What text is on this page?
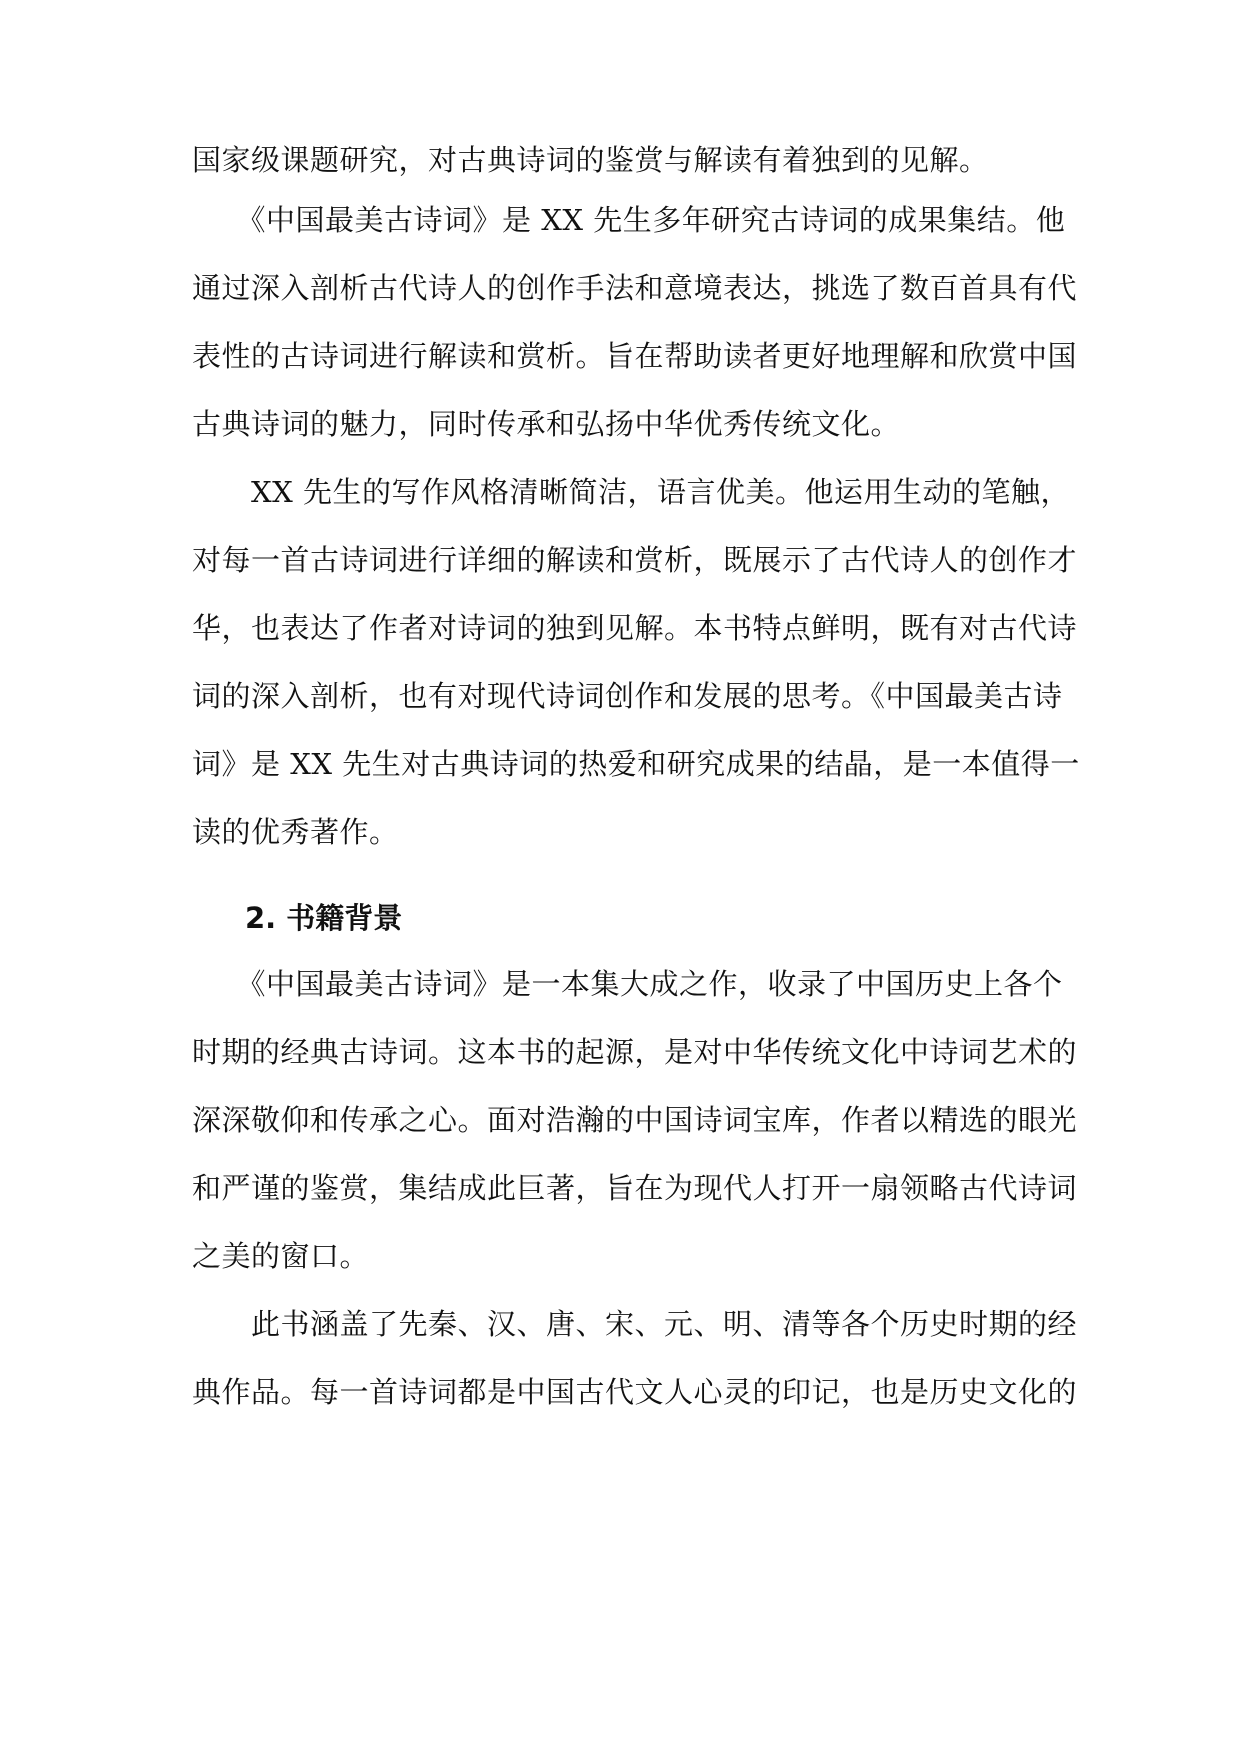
国家级课题研究，对古典诗词的鉴赏与解读有着独到的见解。
　　《中国最美古诗词》是 XX 先生多年研究古诗词的成果集结。他
通过深入剖析古代诗人的创作手法和意境表达，挑选了数百首具有代
表性的古诗词进行解读和赏析。旨在帮助读者更好地理解和欣赏中国
古典诗词的魅力，同时传承和弘扬中华优秀传统文化。
　　XX 先生的写作风格清晰简洁，语言优美。他运用生动的笔触，
对每一首古诗词进行详细的解读和赏析，既展示了古代诗人的创作才
华，也表达了作者对诗词的独到见解。本书特点鲜明，既有对古代诗
词的深入剖析，也有对现代诗词创作和发展的思考。《中国最美古诗
词》是 XX 先生对古典诗词的热爱和研究成果的结晶，是一本值得一
读的优秀著作。
2. 书籍背景
　　《中国最美古诗词》是一本集大成之作，收录了中国历史上各个
时期的经典古诗词。这本书的起源，是对中华传统文化中诗词艺术的
深深敬仰和传承之心。面对浩瀚的中国诗词宝库，作者以精选的眼光
和严谨的鉴赏，集结成此巨著，旨在为现代人打开一扇领略古代诗词
之美的窗口。
　　此书涵盖了先秦、汉、唐、宋、元、明、清等各个历史时期的经
典作品。每一首诗词都是中国古代文人心灵的印记，也是历史文化的
